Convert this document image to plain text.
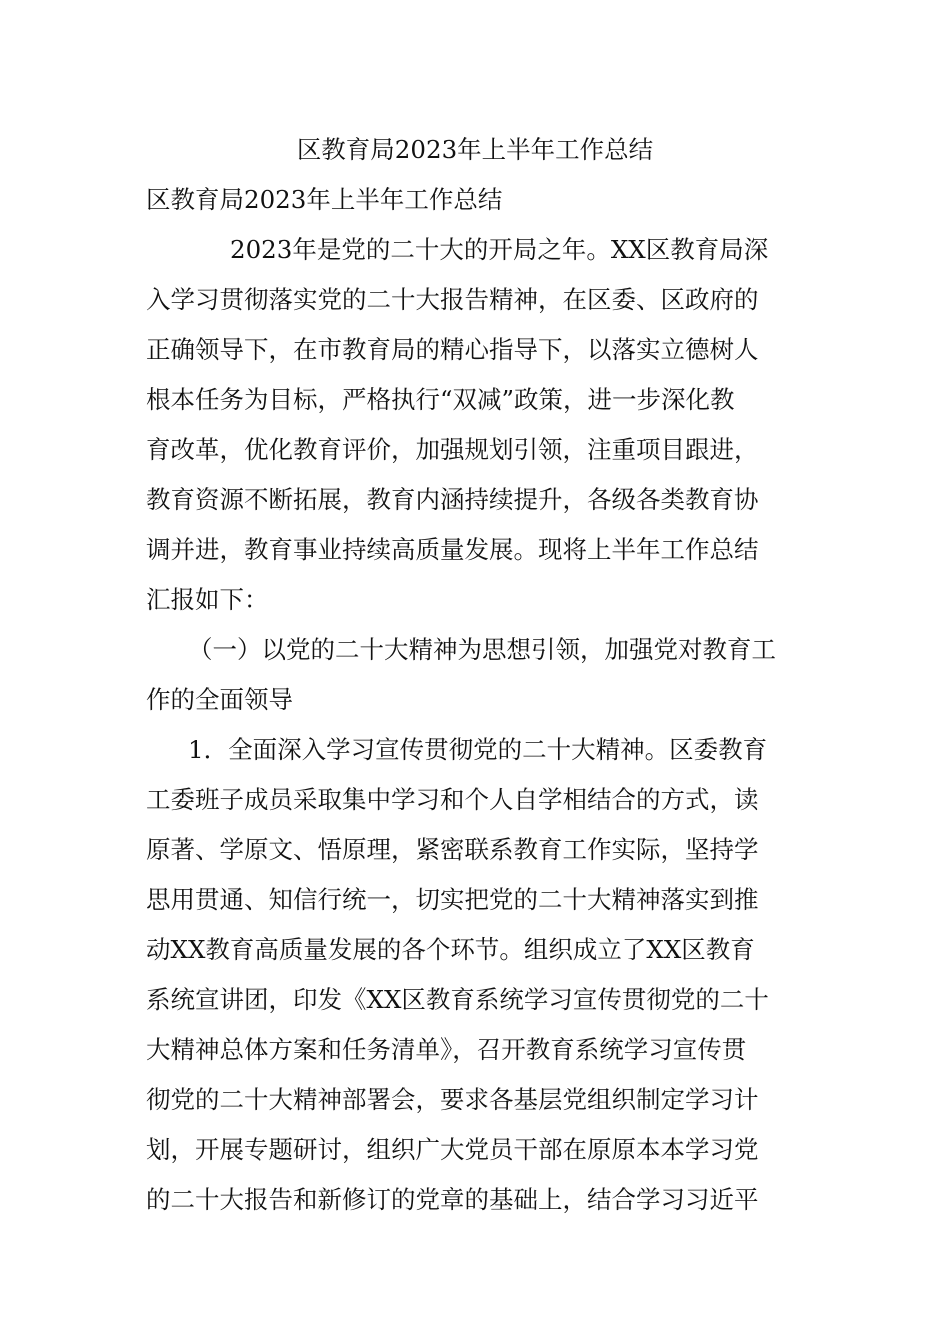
区教育局2023年上半年工作总结
区教育局2023年上半年工作总结
2023年是党的二十大的开局之年。XX区教育局深
入学习贯彻落实党的二十大报告精神，在区委、区政府的
正确领导下，在市教育局的精心指导下，以落实立德树人
根本任务为目标，严格执行“双减”政策，进一步深化教
育改革，优化教育评价，加强规划引领，注重项目跟进，
教育资源不断拓展，教育内涵持续提升，各级各类教育协
调并进，教育事业持续高质量发展。现将上半年工作总结
汇报如下：
（一）以党的二十大精神为思想引领，加强党对教育工
作的全面领导
1．全面深入学习宣传贯彻党的二十大精神。区委教育
工委班子成员采取集中学习和个人自学相结合的方式，读
原著、学原文、悟原理，紧密联系教育工作实际，坚持学
思用贯通、知信行统一，切实把党的二十大精神落实到推
动XX教育高质量发展的各个环节。组织成立了XX区教育
系统宣讲团，印发《XX区教育系统学习宣传贯彻党的二十
大精神总体方案和任务清单》，召开教育系统学习宣传贯
彻党的二十大精神部署会，要求各基层党组织制定学习计
划，开展专题研讨，组织广大党员干部在原原本本学习党
的二十大报告和新修订的党章的基础上，结合学习习近平
